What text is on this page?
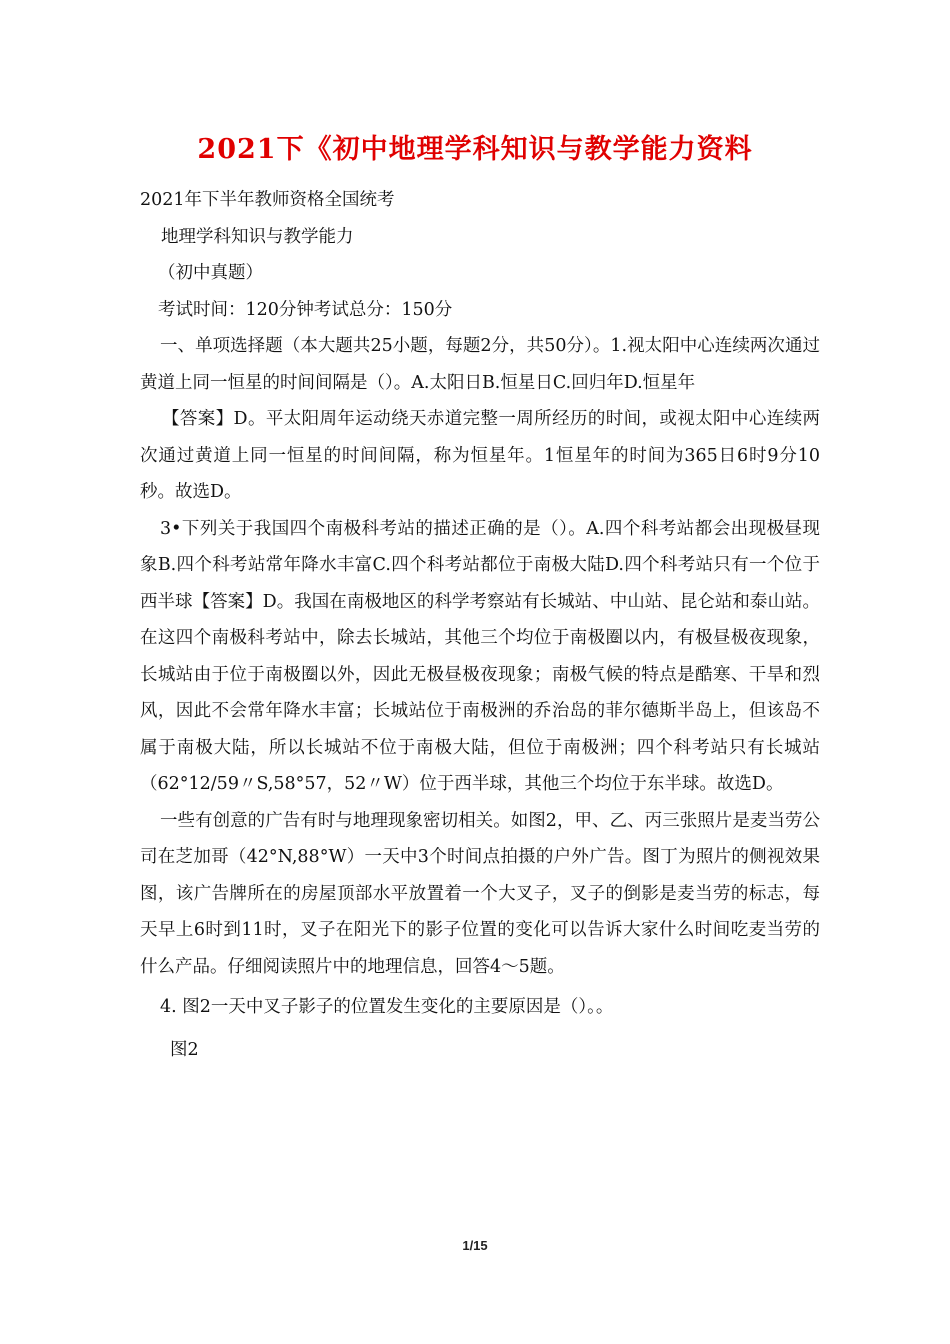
2021下《初中地理学科知识与教学能力资料

2021年下半年教师资格全国统考

地理学科知识与教学能力

（初中真题）

考试时间：120分钟考试总分：150分

一、单项选择题（本大题共25小题，每题2分，共50分）。1.视太阳中心连续两次通过黄道上同一恒星的时间间隔是（）。A.太阳日B.恒星日C.回归年D.恒星年

【答案】D。平太阳周年运动绕天赤道完整一周所经历的时间，或视太阳中心连续两次通过黄道上同一恒星的时间间隔，称为恒星年。1恒星年的时间为365日6时9分10秒。故选D。

3•下列关于我国四个南极科考站的描述正确的是（）。A.四个科考站都会出现极昼现象B.四个科考站常年降水丰富C.四个科考站都位于南极大陆D.四个科考站只有一个位于西半球【答案】D。我国在南极地区的科学考察站有长城站、中山站、昆仑站和泰山站。在这四个南极科考站中，除去长城站，其他三个均位于南极圈以内，有极昼极夜现象，长城站由于位于南极圈以外，因此无极昼极夜现象；南极气候的特点是酷寒、干旱和烈风，因此不会常年降水丰富；长城站位于南极洲的乔治岛的菲尔德斯半岛上，但该岛不属于南极大陆，所以长城站不位于南极大陆，但位于南极洲；四个科考站只有长城站（62°12/59〃S,58°57，52〃W）位于西半球，其他三个均位于东半球。故选D。

一些有创意的广告有时与地理现象密切相关。如图2，甲、乙、丙三张照片是麦当劳公司在芝加哥（42°N,88°W）一天中3个时间点拍摄的户外广告。图丁为照片的侧视效果图，该广告牌所在的房屋顶部水平放置着一个大叉子，叉子的倒影是麦当劳的标志，每天早上6时到11时，叉子在阳光下的影子位置的变化可以告诉大家什么时间吃麦当劳的什么产品。仔细阅读照片中的地理信息，回答4〜5题。

4. 图2一天中叉子影子的位置发生变化的主要原因是（）。。

图2

1/15
